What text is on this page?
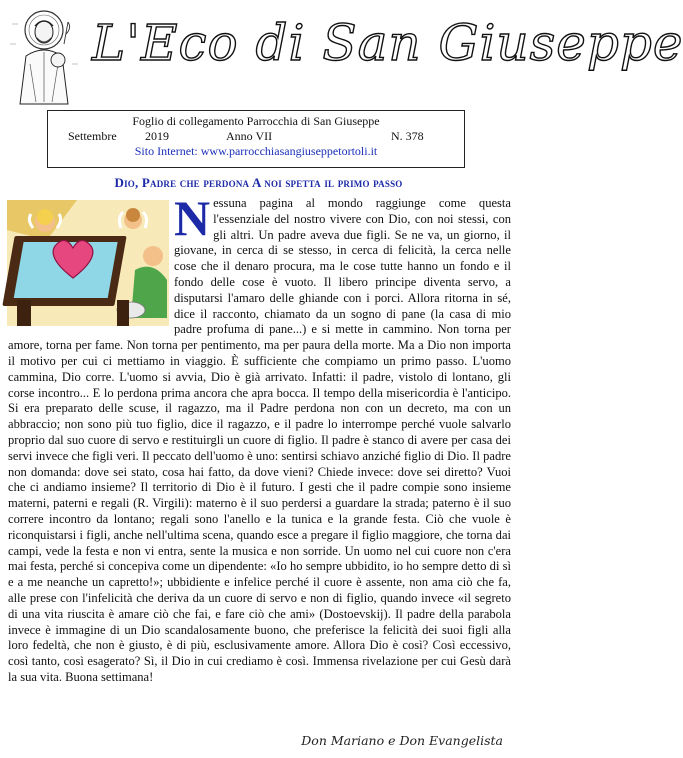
L'Eco di San Giuseppe
Foglio di collegamento Parrocchia di San Giuseppe
Settembre 2019	Anno VII	N. 378
Sito Internet: www.parrocchiasangiuseppetortoli.it
Dio, Padre che perdona A noi spetta il primo passo
N essuna pagina al mondo raggiunge come questa l'essenziale del nostro vivere con Dio, con noi stessi, con gli altri. Un padre aveva due figli. Se ne va, un giorno, il giovane, in cerca di se stesso, in cerca di felicità, la cerca nelle cose che il denaro procura, ma le cose tutte hanno un fondo e il fondo delle cose è vuoto. Il libero principe diventa servo, a disputarsi l'amaro delle ghiande con i porci. Allora ritorna in sé, dice il racconto, chiamato da un sogno di pane (la casa di mio padre profuma di pane...) e si mette in cammino. Non torna per amore, torna per fame. Non torna per pentimento, ma per paura della morte. Ma a Dio non importa il motivo per cui ci mettiamo in viaggio. È sufficiente che compiamo un primo passo. L'uomo cammina, Dio corre. L'uomo si avvia, Dio è già arrivato. Infatti: il padre, vistolo di lontano, gli corse incontro... E lo perdona prima ancora che apra bocca. Il tempo della misericordia è l'anticipo. Si era preparato delle scuse, il ragazzo, ma il Padre perdona non con un decreto, ma con un abbraccio; non sono più tuo figlio, dice il ragazzo, e il padre lo interrompe perché vuole salvarlo proprio dal suo cuore di servo e restituirgli un cuore di figlio. Il padre è stanco di avere per casa dei servi invece che figli veri. Il peccato dell'uomo è uno: sentirsi schiavo anziché figlio di Dio. Il padre non domanda: dove sei stato, cosa hai fatto, da dove vieni? Chiede invece: dove sei diretto? Vuoi che ci andiamo insieme? Il territorio di Dio è il futuro. I gesti che il padre compie sono insieme materni, paterni e regali (R. Virgili): materno è il suo perdersi a guardare la strada; paterno è il suo correre incontro da lontano; regali sono l'anello e la tunica e la grande festa. Ciò che vuole è riconquistarsi i figli, anche nell'ultima scena, quando esce a pregare il figlio maggiore, che torna dai campi, vede la festa e non vi entra, sente la musica e non sorride. Un uomo nel cui cuore non c'era mai festa, perché si concepiva come un dipendente: «Io ho sempre ubbidito, io ho sempre detto di sì e a me neanche un capretto!»; ubbidiente e infelice perché il cuore è assente, non ama ciò che fa, alle prese con l'infelicità che deriva da un cuore di servo e non di figlio, quando invece «il segreto di una vita riuscita è amare ciò che fai, e fare ciò che ami» (Dostoevskij). Il padre della parabola invece è immagine di un Dio scandalosamente buono, che preferisce la felicità dei suoi figli alla loro fedeltà, che non è giusto, è di più, esclusivamente amore. Allora Dio è così? Così eccessivo, così tanto, così esagerato? Sì, il Dio in cui crediamo è così. Immensa rivelazione per cui Gesù darà la sua vita. Buona settimana!
Don Mariano e Don Evangelista
